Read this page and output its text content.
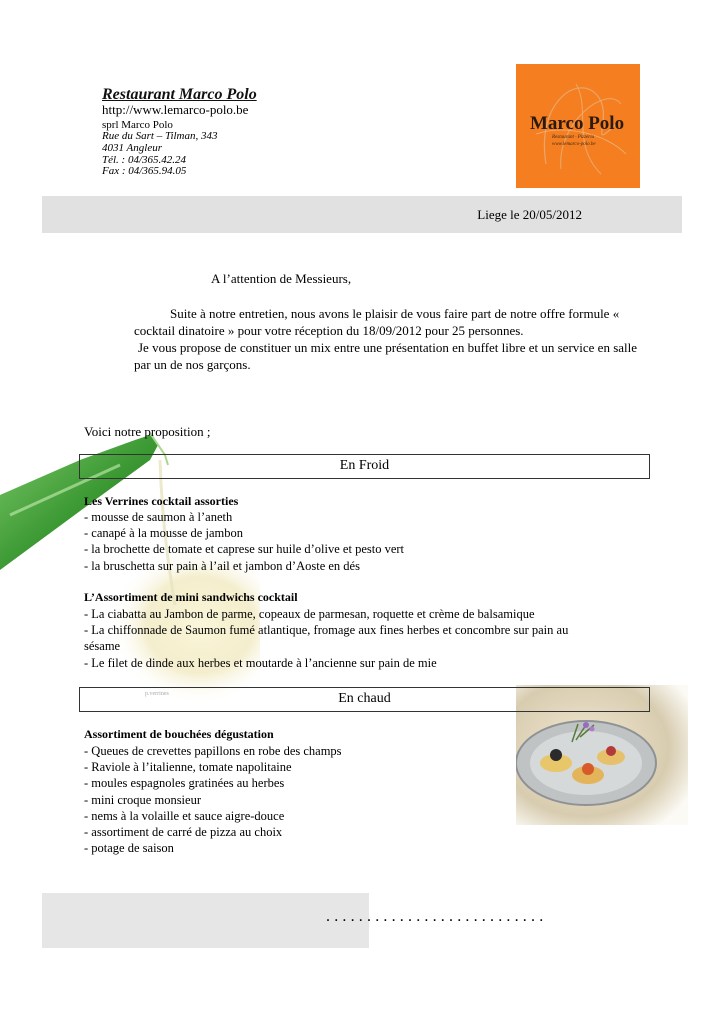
Restaurant Marco Polo
http://www.lemarco-polo.be
sprl Marco Polo
Rue du Sart – Tilman, 343
4031 Angleur
Tél. : 04/365.42.24
Fax : 04/365.94.05
Marco Polo
Restaurant · Pizzeria
www.lemarco-polo.be
Liege le 20/05/2012
A l’attention de Messieurs,

Suite à notre entretien, nous avons le plaisir de vous faire part de notre offre formule « cocktail dinatoire » pour votre réception du 18/09/2012 pour 25 personnes.

Je vous propose de constituer un mix entre une présentation en buffet libre et un service en salle par un de nos garçons.

Voici notre proposition ;
En Froid
Les Verrines cocktail assorties
- mousse de saumon à l’aneth
- canapé à la mousse de jambon
- la brochette de tomate et caprese sur huile d’olive et pesto vert
- la bruschetta sur pain à l’ail et jambon d’Aoste en dés
L’Assortiment de mini sandwichs cocktail
- La ciabatta au Jambon de parme, copeaux de parmesan, roquette et crème de balsamique
- La chiffonnade de Saumon fumé atlantique, fromage aux fines herbes et concombre sur pain au
sésame
- Le filet de dinde aux herbes et moutarde à l’ancienne sur pain de mie
p.verrines	En chaud
Assortiment de bouchées dégustation
- Queues de crevettes papillons en robe des champs
- Raviole à l’italienne, tomate napolitaine
- moules espagnoles gratinées au herbes
- mini croque monsieur
- nems à la volaille et sauce aigre-douce
- assortiment de carré de pizza au choix
- potage de saison
...........................
